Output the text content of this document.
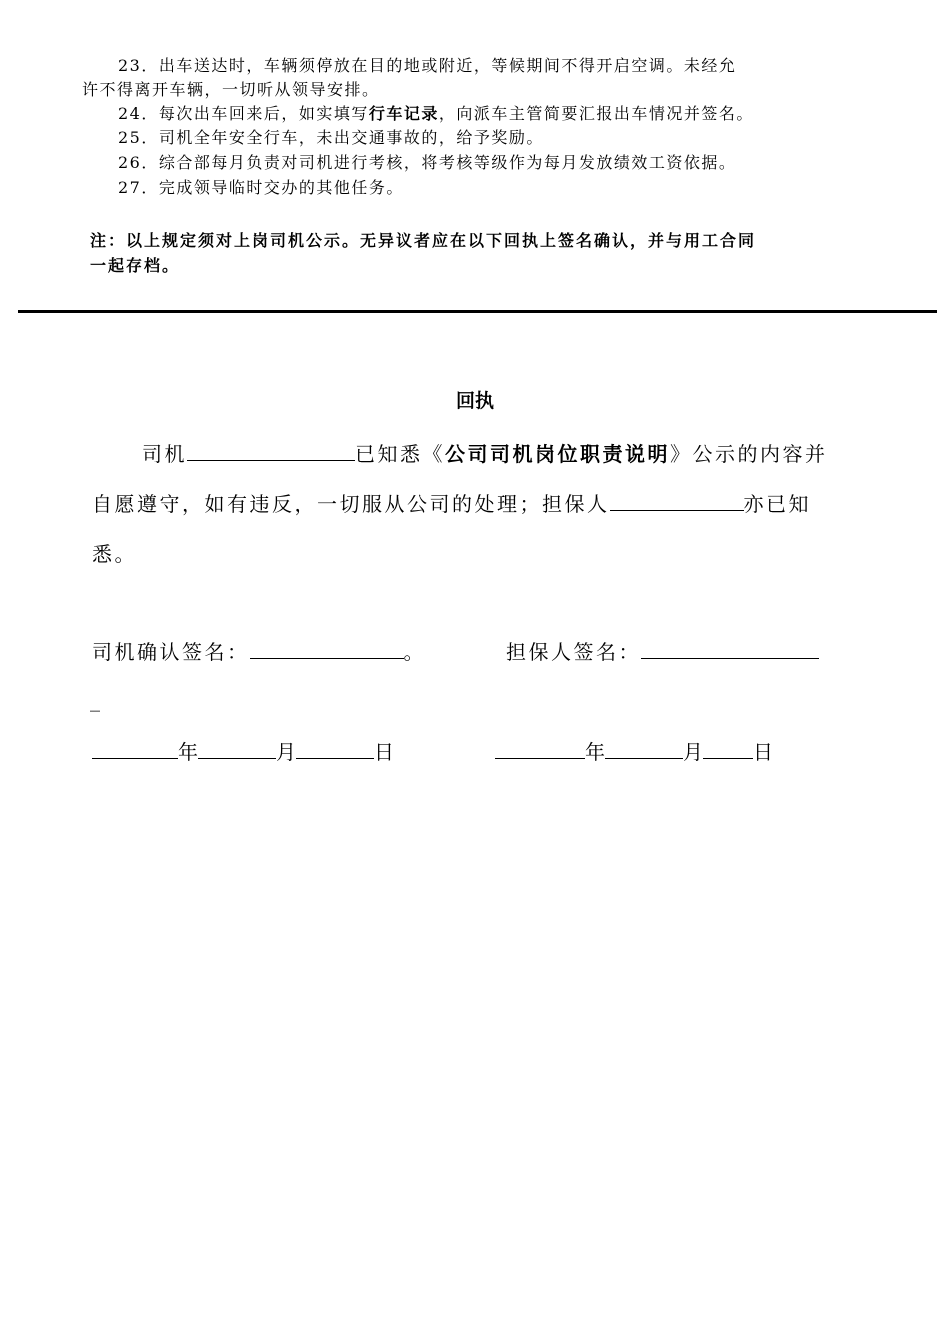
23．出车送达时，车辆须停放在目的地或附近，等候期间不得开启空调。未经允
许不得离开车辆，一切听从领导安排。
24．每次出车回来后，如实填写行车记录，向派车主管简要汇报出车情况并签名。
25．司机全年安全行车，未出交通事故的，给予奖励。
26．综合部每月负责对司机进行考核，将考核等级作为每月发放绩效工资依据。
27．完成领导临时交办的其他任务。
注：以上规定须对上岗司机公示。无异议者应在以下回执上签名确认，并与用工合同
一起存档。
回执
司机	已知悉《公司司机岗位职责说明》公示的内容并
自愿遵守，如有违反，一切服从公司的处理；担保人	亦已知
悉。
司机确认签名：	。	担保人签名：
_
年	月	日	年	月	日
